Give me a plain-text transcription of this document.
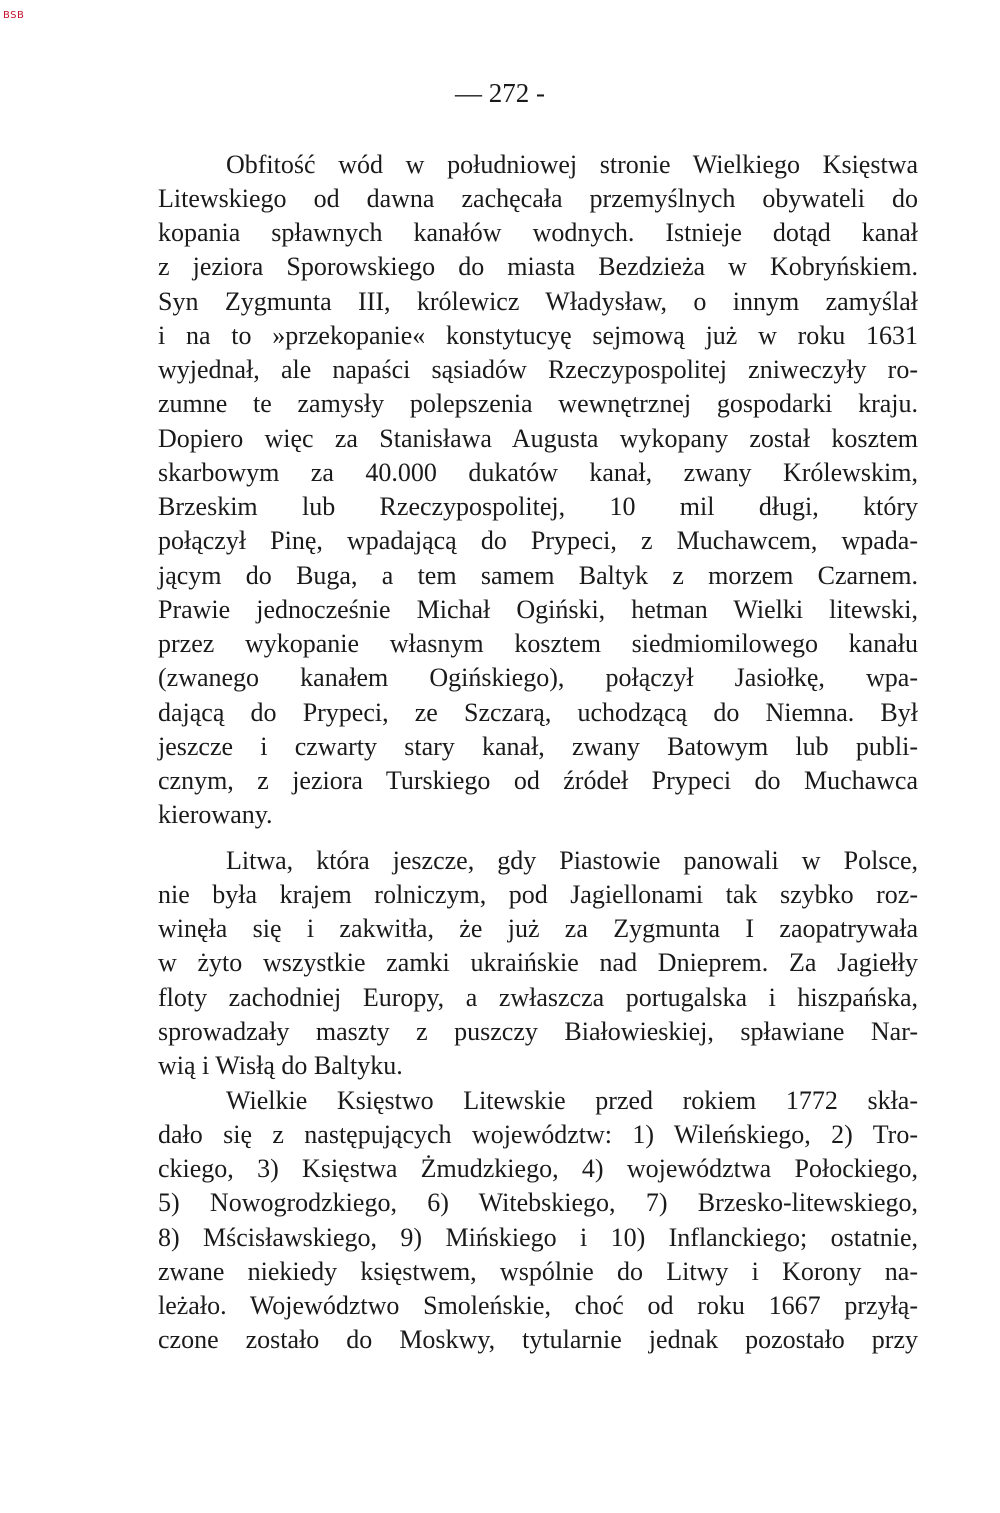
BSB
— 272 -
Obfitość wód w południowej stronie Wielkiego Księstwa
Litewskiego od dawna zachęcała przemyślnych obywateli do
kopania spławnych kanałów wodnych. Istnieje dotąd kanał
z jeziora Sporowskiego do miasta Bezdzieża w Kobryńskiem.
Syn Zygmunta III, królewicz Władysław, o innym zamyślał
i na to »przekopanie« konstytucyę sejmową już w roku 1631
wyjednał, ale napaści sąsiadów Rzeczypospolitej zniweczyły ro-
zumne te zamysły polepszenia wewnętrznej gospodarki kraju.
Dopiero więc za Stanisława Augusta wykopany został kosztem
skarbowym za 40.000 dukatów kanał, zwany Królewskim,
Brzeskim lub Rzeczypospolitej, 10 mil długi, który
połączył Pinę, wpadającą do Prypeci, z Muchawcem, wpada-
jącym do Buga, a tem samem Baltyk z morzem Czarnem.
Prawie jednocześnie Michał Ogiński, hetman Wielki litewski,
przez wykopanie własnym kosztem siedmiomilowego kanału
(zwanego kanałem Ogińskiego), połączył Jasiołkę, wpa-
dającą do Prypeci, ze Szczarą, uchodzącą do Niemna. Był
jeszcze i czwarty stary kanał, zwany Batowym lub publi-
cznym, z jeziora Turskiego od źródeł Prypeci do Muchawca
kierowany.
Litwa, która jeszcze, gdy Piastowie panowali w Polsce,
nie była krajem rolniczym, pod Jagiellonami tak szybko roz-
winęła się i zakwitła, że już za Zygmunta I zaopatrywała
w żyto wszystkie zamki ukraińskie nad Dnieprem. Za Jagiełły
floty zachodniej Europy, a zwłaszcza portugalska i hiszpańska,
sprowadzały maszty z puszczy Białowieskiej, spławiane Nar-
wią i Wisłą do Baltyku.
Wielkie Księstwo Litewskie przed rokiem 1772 skła-
dało się z następujących województw: 1) Wileńskiego, 2) Tro-
ckiego, 3) Księstwa Żmudzkiego, 4) województwa Połockiego,
5) Nowogrodzkiego, 6) Witebskiego, 7) Brzesko-litewskiego,
8) Mścisławskiego, 9) Mińskiego i 10) Inflanckiego; ostatnie,
zwane niekiedy księstwem, wspólnie do Litwy i Korony na-
leżało. Województwo Smoleńskie, choć od roku 1667 przyłą-
czone zostało do Moskwy, tytularnie jednak pozostało przy
